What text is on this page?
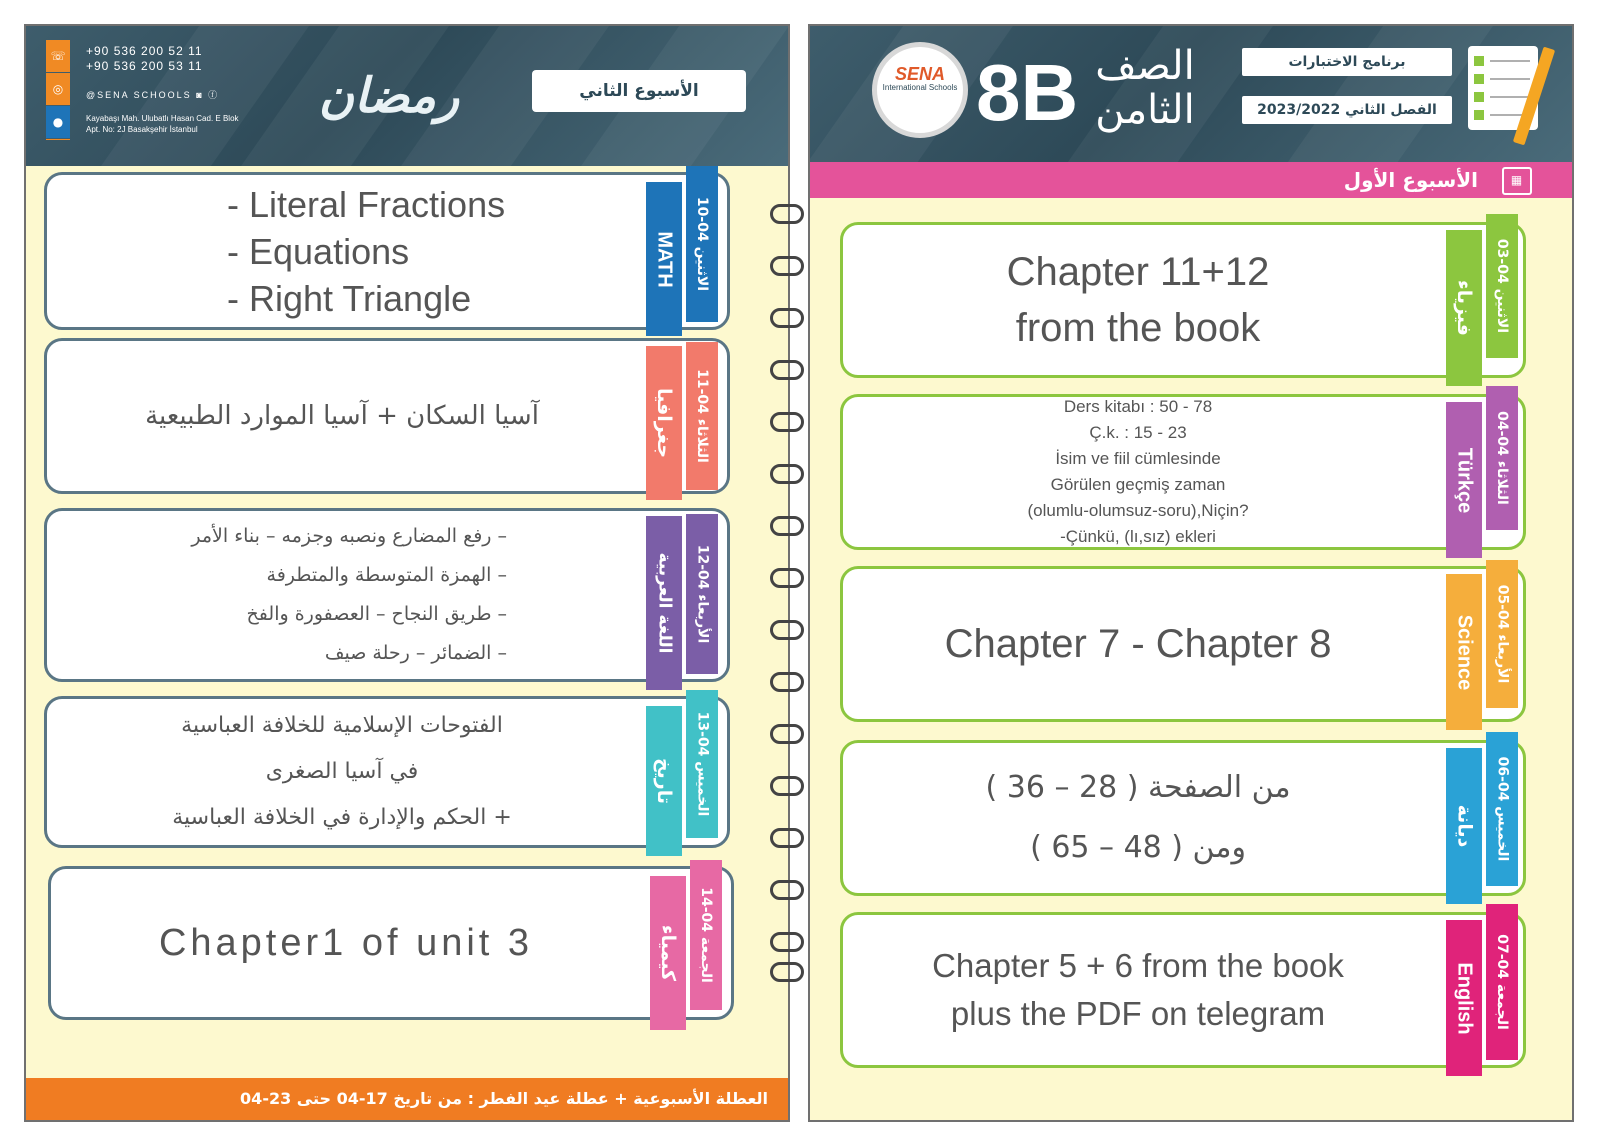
☏
◎
●
+90 536 200 52 11
+90 536 200 53 11
@SENA SCHOOLS ◙ ⓕ
Kayabaşı Mah. Ulubatlı Hasan Cad. E Blok
Apt. No: 2J Basakşehir İstanbul
رمضان	الأسبوع الثاني
- Literal Fractions
- Equations
- Right Triangle
MATH
الاثنين 04-10
آسيا السكان + آسيا الموارد الطبيعية	جغرافيا
الثلاثاء 04-11
– رفع المضارع ونصبه وجزمه – بناء الأمر
– الهمزة المتوسطة والمتطرفة
– طريق النجاح – العصفورة والفخ
– الضمائر – رحلة صيف	اللغة العربية الأربعاء 04-12
الفتوحات الإسلامية للخلافة العباسية
في آسيا الصغرى
+ الحكم والإدارة في الخلافة العباسية
تاريخ
الخميس 04-13
Chapter1 of unit 3	كيمياء
الجمعة 04-14
العطلة الأسبوعية + عطلة عيد الفطر : من تاريخ 17-04 حتى 23-04
SENA
International Schools 8B الصف الثامن
برنامج الاختبارات
الفصل الثاني 2023/2022
الأسبوع الأول	▦
Chapter 11+12
from the book	فيزياء
الاثنين 04-03
Ders kitabı : 50 - 78
Ç.k. : 15 - 23
İsim ve fiil cümlesinde
Görülen geçmiş zaman
(olumlu-olumsuz-soru),Niçin?
-Çünkü, (lı,sız) ekleri
Türkçe
الثلاثاء 04-04
Chapter 7 - Chapter 8	Science
الأربعاء 04-05
من الصفحة ( 28 – 36 )
ومن ( 48 – 65 )
ديانة
الخميس 04-06
Chapter 5 + 6 from the book
plus the PDF on telegram	English
الجمعة 04-07
